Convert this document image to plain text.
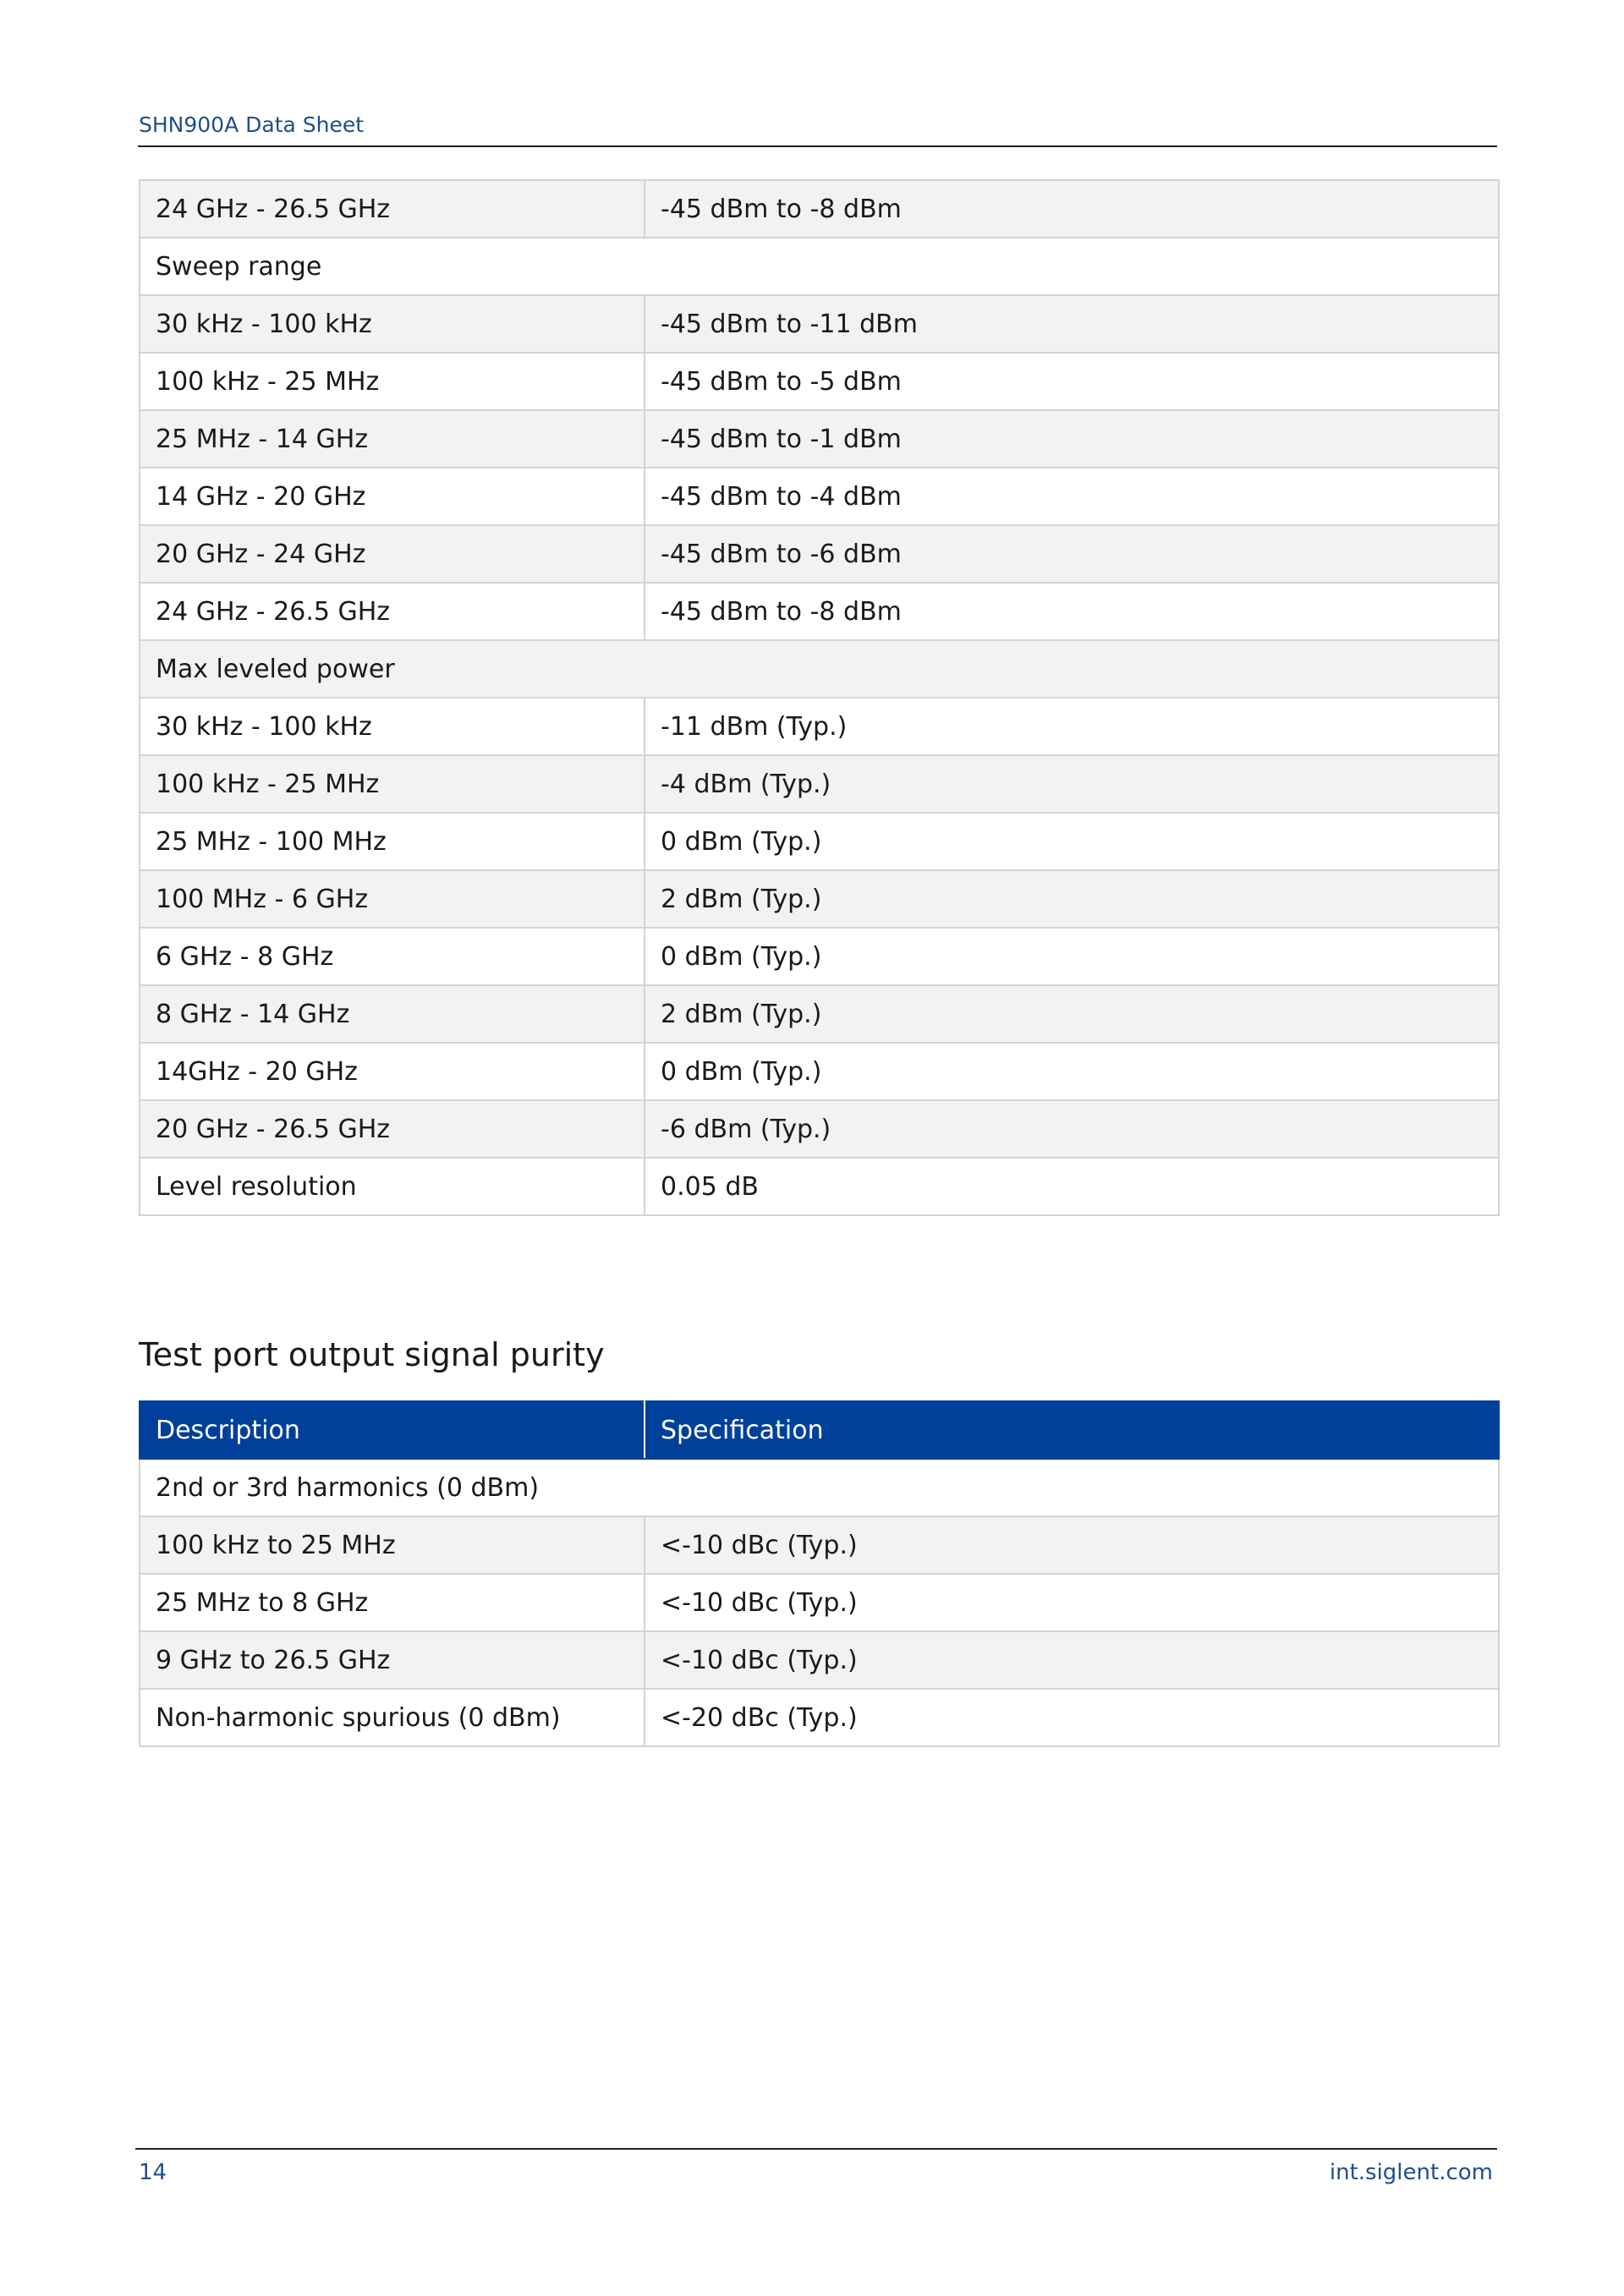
SHN900A Data Sheet
24 GHz - 26.5 GHz	-45 dBm to -8 dBm
Sweep range	
30 kHz - 100 kHz	-45 dBm to -11 dBm
100 kHz - 25 MHz	-45 dBm to -5 dBm
25 MHz - 14 GHz	-45 dBm to -1 dBm
14 GHz - 20 GHz	-45 dBm to -4 dBm
20 GHz - 24 GHz	-45 dBm to -6 dBm
24 GHz - 26.5 GHz	-45 dBm to -8 dBm
Max leveled power	
30 kHz - 100 kHz	-11 dBm (Typ.)
100 kHz - 25 MHz	-4 dBm (Typ.)
25 MHz - 100 MHz	0 dBm (Typ.)
100 MHz - 6 GHz	2 dBm (Typ.)
6 GHz - 8 GHz	0 dBm (Typ.)
8 GHz - 14 GHz	2 dBm (Typ.)
14GHz - 20 GHz	0 dBm (Typ.)
20 GHz - 26.5 GHz	-6 dBm (Typ.)
Level resolution	0.05 dB
Test port output signal purity
Description	Specification
2nd or 3rd harmonics (0 dBm)	
100 kHz to 25 MHz	<-10 dBc (Typ.)
25 MHz to 8 GHz	<-10 dBc (Typ.)
9 GHz to 26.5 GHz	<-10 dBc (Typ.)
Non-harmonic spurious (0 dBm)	<-20 dBc (Typ.)
14	int.siglent.com
